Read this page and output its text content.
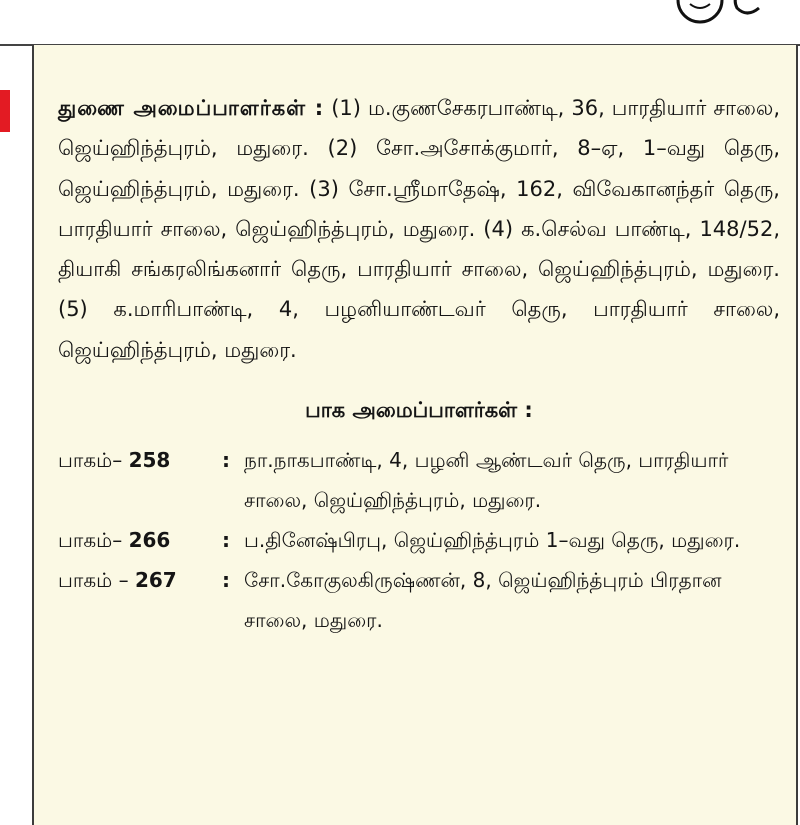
துணை அமைப்பாளர்கள் : (1) ம.குணசேகரபாண்டி, 36, பாரதியார் சாலை, ஜெய்ஹிந்த்புரம், மதுரை. (2) சோ.அசோக்குமார், 8–ஏ, 1–வது தெரு, ஜெய்ஹிந்த்புரம், மதுரை. (3) சோ.ஸ்ரீமாதேஷ், 162, விவேகானந்தர் தெரு, பாரதியார் சாலை, ஜெய்ஹிந்த்புரம், மதுரை. (4) க.செல்வ பாண்டி, 148/52, தியாகி சங்கரலிங்கனார் தெரு, பாரதியார் சாலை, ஜெய்ஹிந்த்புரம், மதுரை. (5) க.மாரிபாண்டி, 4, பழனியாண்டவர் தெரு, பாரதியார் சாலை, ஜெய்ஹிந்த்புரம், மதுரை.

பாக அமைப்பாளர்கள் :
பாகம்– 258	: நா.நாகபாண்டி, 4, பழனி ஆண்டவர் தெரு, பாரதியார் சாலை, ஜெய்ஹிந்த்புரம், மதுரை.
பாகம்– 266	: ப.தினேஷ்பிரபு, ஜெய்ஹிந்த்புரம் 1–வது தெரு, மதுரை.
பாகம் – 267	: சோ.கோகுலகிருஷ்ணன், 8, ஜெய்ஹிந்த்புரம் பிரதான சாலை, மதுரை.
